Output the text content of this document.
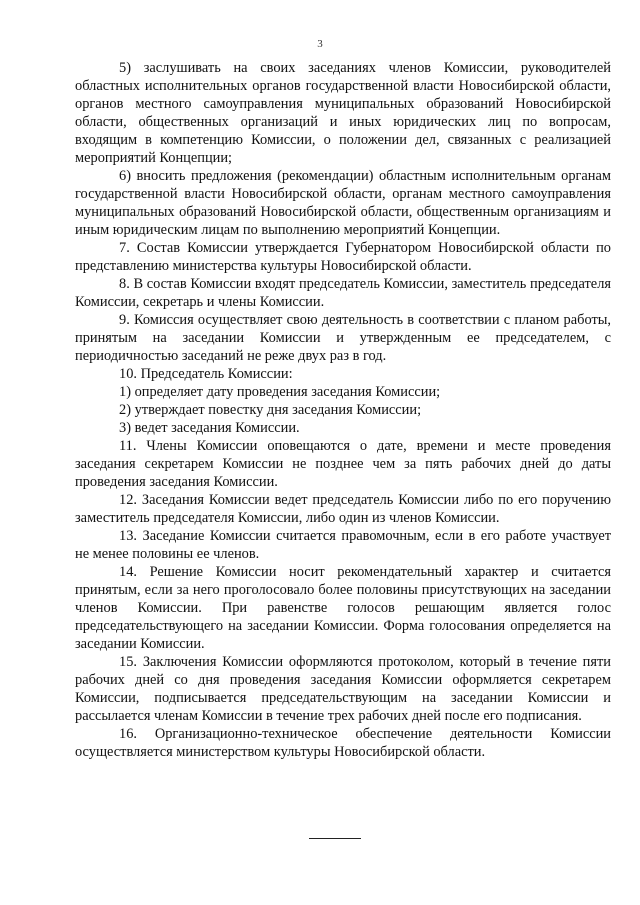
3

5) заслушивать на своих заседаниях членов Комиссии, руководителей областных исполнительных органов государственной власти Новосибирской области, органов местного самоуправления муниципальных образований Новосибирской области, общественных организаций и иных юридических лиц по вопросам, входящим в компетенцию Комиссии, о положении дел, связанных с реализацией мероприятий Концепции;

6) вносить предложения (рекомендации) областным исполнительным органам государственной власти Новосибирской области, органам местного самоуправления муниципальных образований Новосибирской области, общественным организациям и иным юридическим лицам по выполнению мероприятий Концепции.

7. Состав Комиссии утверждается Губернатором Новосибирской области по представлению министерства культуры Новосибирской области.

8. В состав Комиссии входят председатель Комиссии, заместитель председателя Комиссии, секретарь и члены Комиссии.

9. Комиссия осуществляет свою деятельность в соответствии с планом работы, принятым на заседании Комиссии и утвержденным ее председателем, с периодичностью заседаний не реже двух раз в год.

10. Председатель Комиссии:

1) определяет дату проведения заседания Комиссии;

2) утверждает повестку дня заседания Комиссии;

3) ведет заседания Комиссии.

11. Члены Комиссии оповещаются о дате, времени и месте проведения заседания секретарем Комиссии не позднее чем за пять рабочих дней до даты проведения заседания Комиссии.

12. Заседания Комиссии ведет председатель Комиссии либо по его поручению заместитель председателя Комиссии, либо один из членов Комиссии.

13. Заседание Комиссии считается правомочным, если в его работе участвует не менее половины ее членов.

14. Решение Комиссии носит рекомендательный характер и считается принятым, если за него проголосовало более половины присутствующих на заседании членов Комиссии. При равенстве голосов решающим является голос председательствующего на заседании Комиссии. Форма голосования определяется на заседании Комиссии.

15. Заключения Комиссии оформляются протоколом, который в течение пяти рабочих дней со дня проведения заседания Комиссии оформляется секретарем Комиссии, подписывается председательствующим на заседании Комиссии и рассылается членам Комиссии в течение трех рабочих дней после его подписания.

16. Организационно-техническое обеспечение деятельности Комиссии осуществляется министерством культуры Новосибирской области.
